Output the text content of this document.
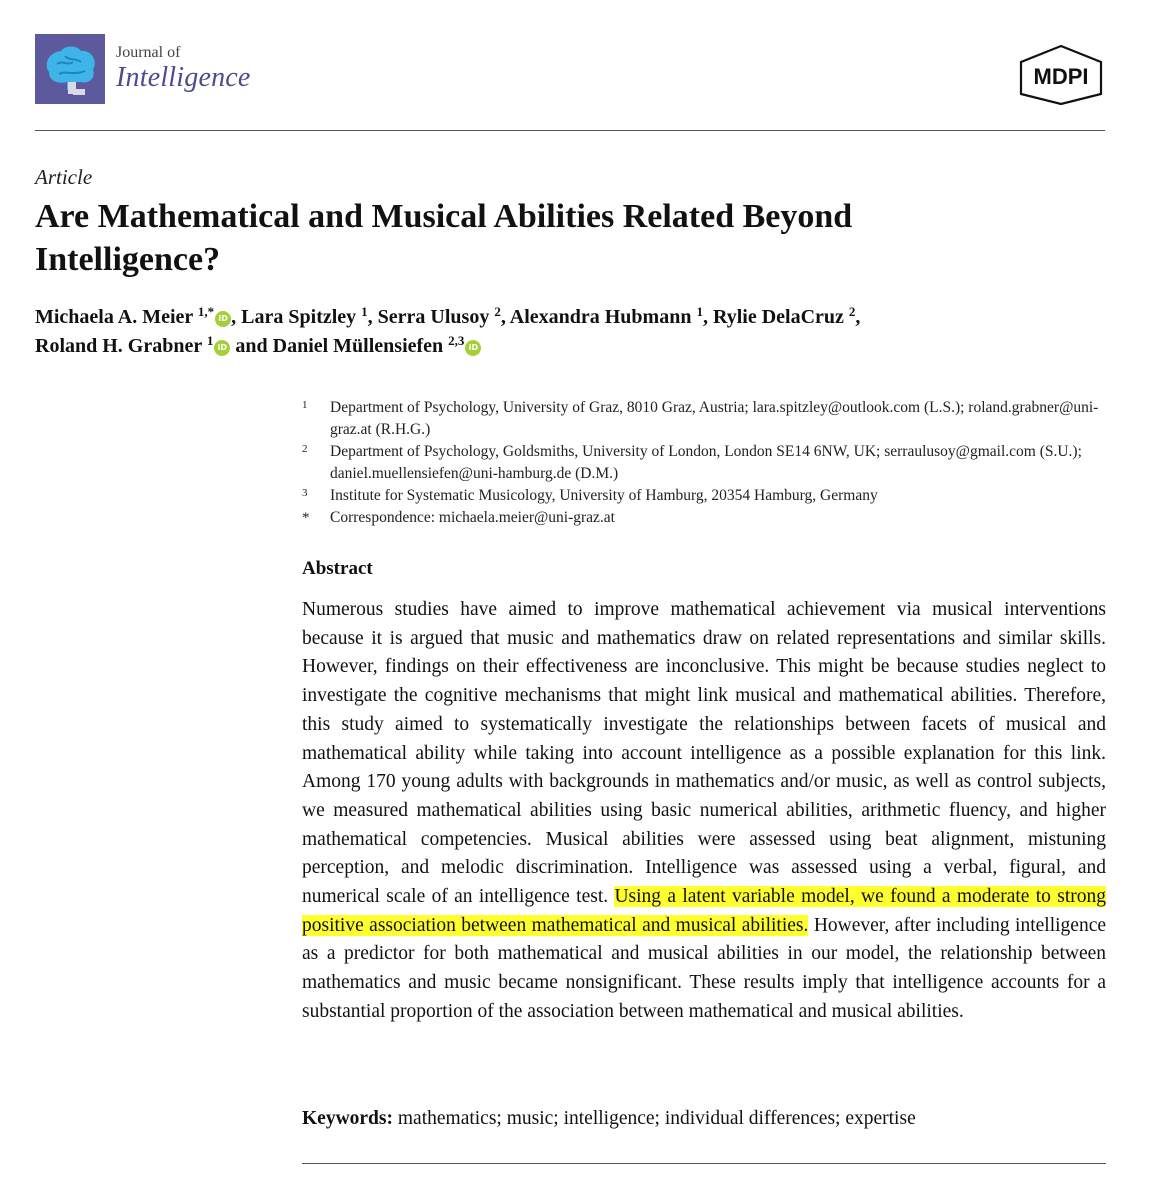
Journal of
Intelligence	MDPI
Article
Are Mathematical and Musical Abilities Related Beyond Intelligence?
Michaela A. Meier $^{1,*}$ iD , Lara Spitzley $^1$, Serra Ulusoy $^2$, Alexandra Hubmann $^1$, Rylie DelaCruz $^2$,
Roland H. Grabner $^1$ iD and Daniel Müllensiefen $^{2,3}$ iD
1 Department of Psychology, University of Graz, 8010 Graz, Austria; lara.spitzley@outlook.com (L.S.); roland.grabner@uni-graz.at (R.H.G.)
2 Department of Psychology, Goldsmiths, University of London, London SE14 6NW, UK; serraulusoy@gmail.com (S.U.); daniel.muellensiefen@uni-hamburg.de (D.M.)
3 Institute for Systematic Musicology, University of Hamburg, 20354 Hamburg, Germany
* Correspondence: michaela.meier@uni-graz.at
Abstract
Numerous studies have aimed to improve mathematical achievement via musical interventions because it is argued that music and mathematics draw on related representations and similar skills. However, findings on their effectiveness are inconclusive. This might be because studies neglect to investigate the cognitive mechanisms that might link musical and mathematical abilities. Therefore, this study aimed to systematically investigate the relationships between facets of musical and mathematical ability while taking into account intelligence as a possible explanation for this link. Among 170 young adults with backgrounds in mathematics and/or music, as well as control subjects, we measured mathematical abilities using basic numerical abilities, arithmetic fluency, and higher mathematical competencies. Musical abilities were assessed using beat alignment, mistuning perception, and melodic discrimination. Intelligence was assessed using a verbal, figural, and numerical scale of an intelligence test. Using a latent variable model, we found a moderate to strong positive association between mathematical and musical abilities. However, after including intelligence as a predictor for both mathematical and musical abilities in our model, the relationship between mathematics and music became nonsignificant. These results imply that intelligence accounts for a substantial proportion of the association between mathematical and musical abilities.
Keywords: mathematics; music; intelligence; individual differences; expertise
